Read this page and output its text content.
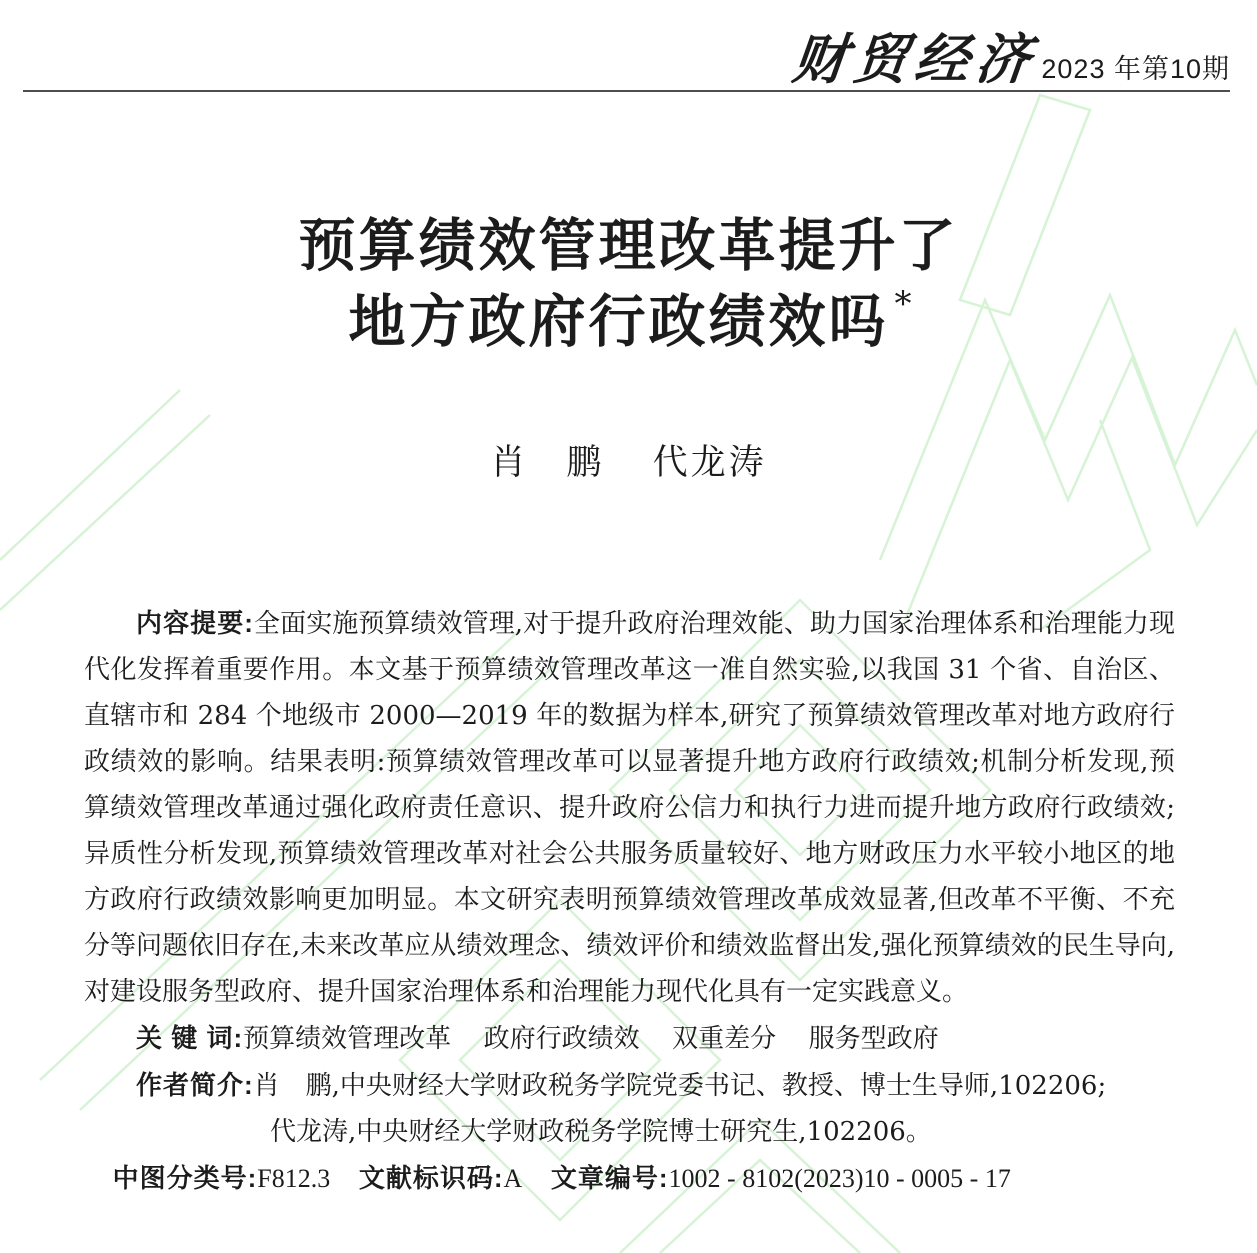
财贸经济 2023 年第10期
预算绩效管理改革提升了
地方政府行政绩效吗 *
肖　鹏 代龙涛
内容提要:全面实施预算绩效管理,对于提升政府治理效能、助力国家治理体系和治理能力现代化发挥着重要作用。本文基于预算绩效管理改革这一准自然实验,以我国 31 个省、自治区、直辖市和 284 个地级市 2000—2019 年的数据为样本,研究了预算绩效管理改革对地方政府行政绩效的影响。结果表明:预算绩效管理改革可以显著提升地方政府行政绩效;机制分析发现,预算绩效管理改革通过强化政府责任意识、提升政府公信力和执行力进而提升地方政府行政绩效;异质性分析发现,预算绩效管理改革对社会公共服务质量较好、地方财政压力水平较小地区的地方政府行政绩效影响更加明显。本文研究表明预算绩效管理改革成效显著,但改革不平衡、不充分等问题依旧存在,未来改革应从绩效理念、绩效评价和绩效监督出发,强化预算绩效的民生导向,对建设服务型政府、提升国家治理体系和治理能力现代化具有一定实践意义。
关 键 词:预算绩效管理改革 政府行政绩效 双重差分 服务型政府
作者简介:肖　鹏,中央财经大学财政税务学院党委书记、教授、博士生导师,102206;
代龙涛,中央财经大学财政税务学院博士研究生,102206。
中图分类号:F812.3 文献标识码:A 文章编号:1002 - 8102(2023)10 - 0005 - 17
